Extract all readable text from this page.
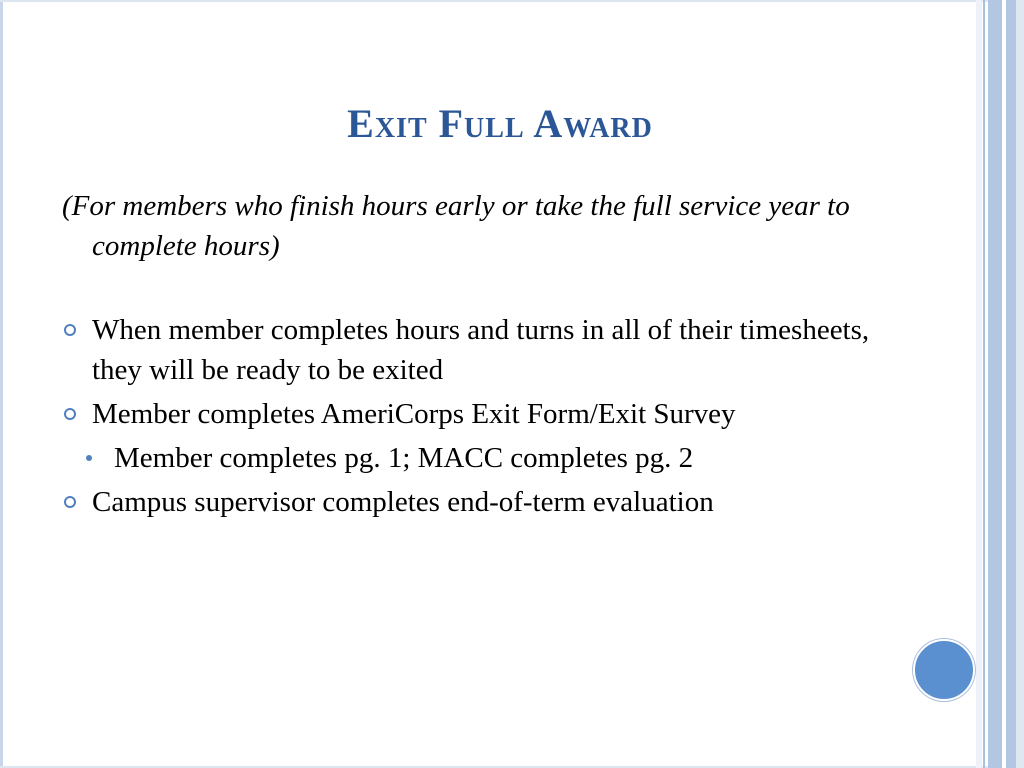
Exit Full Award

(For members who finish hours early or take the full service year to complete hours)

When member completes hours and turns in all of their timesheets, they will be ready to be exited
Member completes AmeriCorps Exit Form/Exit Survey
Member completes pg. 1; MACC completes pg. 2
Campus supervisor completes end-of-term evaluation
